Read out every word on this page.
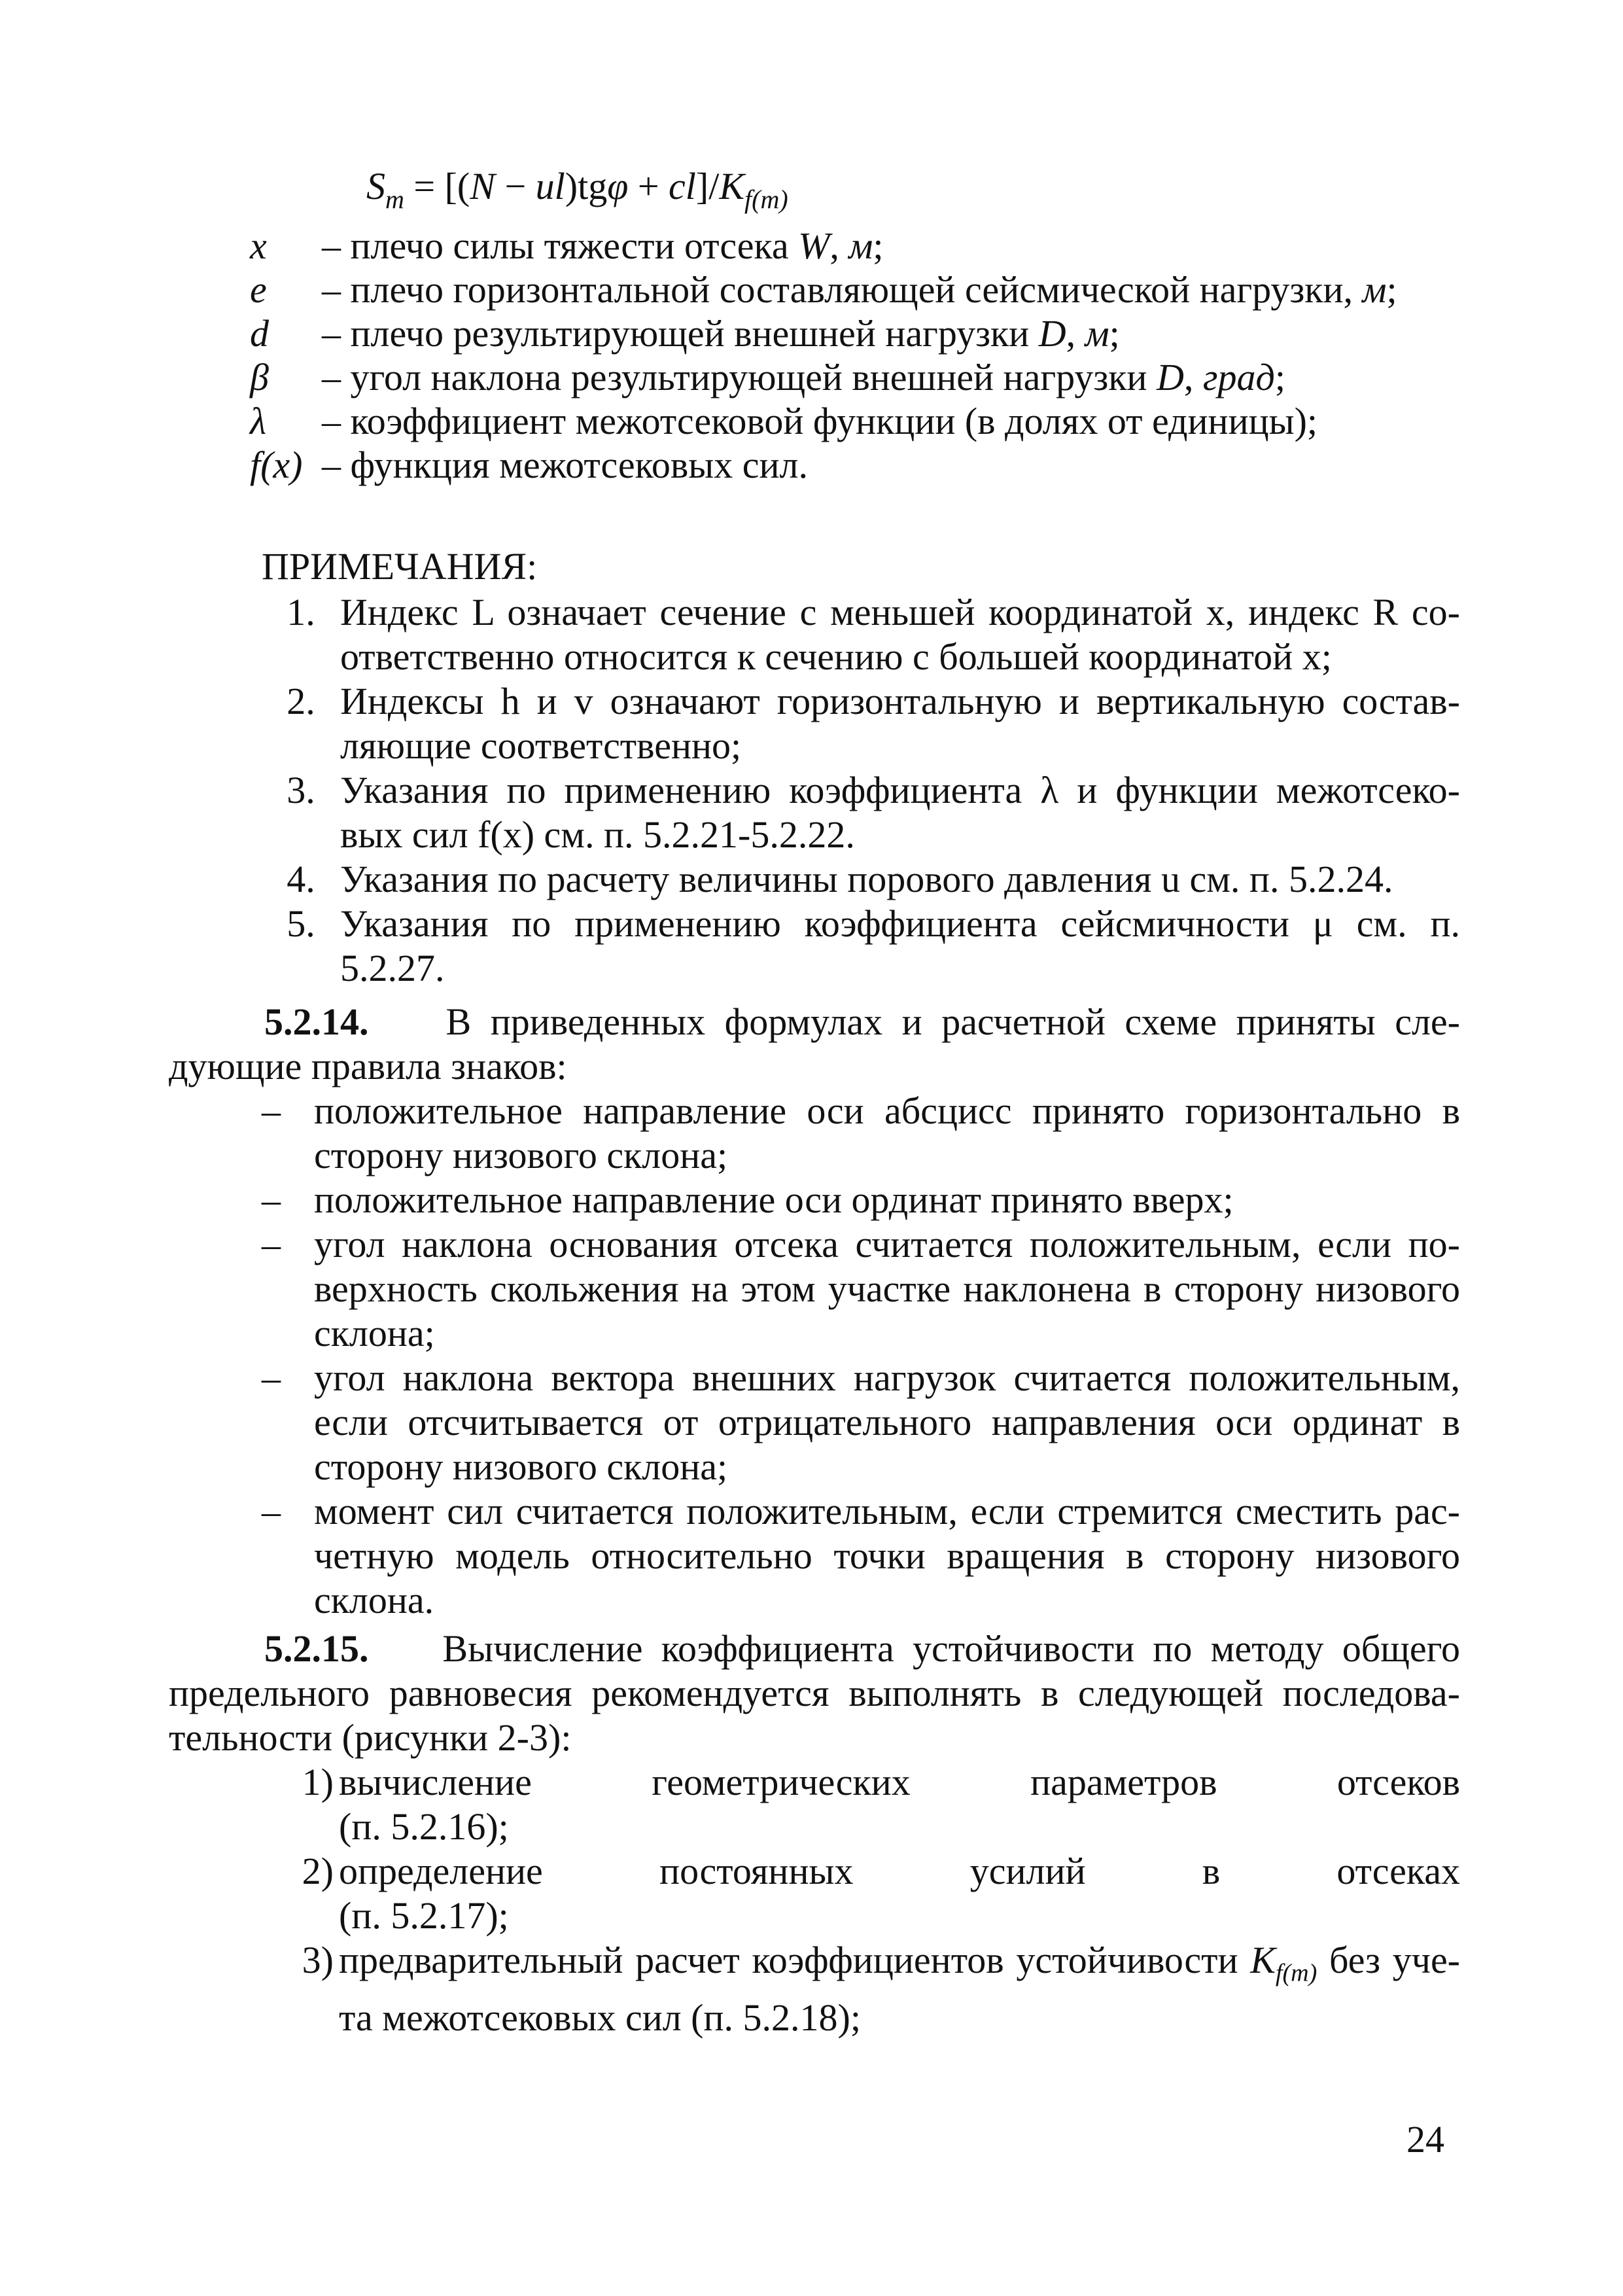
$S_m = [(N - ul)tg\varphi + cl]/K_{f(m)}$
x	– плечо силы тяжести отсека W, м;
e	– плечо горизонтальной составляющей сейсмической нагрузки, м;
d	– плечо результирующей внешней нагрузки D, м;
β	– угол наклона результирующей внешней нагрузки D, град;
λ	– коэффициент межотсековой функции (в долях от единицы);
f(x) – функция межотсековых сил.
ПРИМЕЧАНИЯ:
1. Индекс L означает сечение с меньшей координатой x, индекс R со-ответственно относится к сечению с большей координатой x;
2. Индексы h и v означают горизонтальную и вертикальную состав-ляющие соответственно;
3. Указания по применению коэффициента λ и функции межотсеко-вых сил f(x) см. п. 5.2.21-5.2.22.
4. Указания по расчету величины порового давления u см. п. 5.2.24.
5. Указания по применению коэффициента сейсмичности μ см. п. 5.2.27.
5.2.14. В приведенных формулах и расчетной схеме приняты сле-дующие правила знаков:
– положительное направление оси абсцисс принято горизонтально в сторону низового склона;
– положительное направление оси ординат принято вверх;
– угол наклона основания отсека считается положительным, если по-верхность скольжения на этом участке наклонена в сторону низового склона;
– угол наклона вектора внешних нагрузок считается положительным, если отсчитывается от отрицательного направления оси ординат в сторону низового склона;
– момент сил считается положительным, если стремится сместить рас-четную модель относительно точки вращения в сторону низового склона.
5.2.15. Вычисление коэффициента устойчивости по методу общего предельного равновесия рекомендуется выполнять в следующей последова-тельности (рисунки 2-3):
1) вычисление	геометрических	параметров	отсеков
(п. 5.2.16);
2) определение	постоянных	усилий	в	отсеках
(п. 5.2.17);
3) предварительный расчет коэффициентов устойчивости $K_{f(m)}$ без уче-та межотсековых сил (п. 5.2.18);
24
